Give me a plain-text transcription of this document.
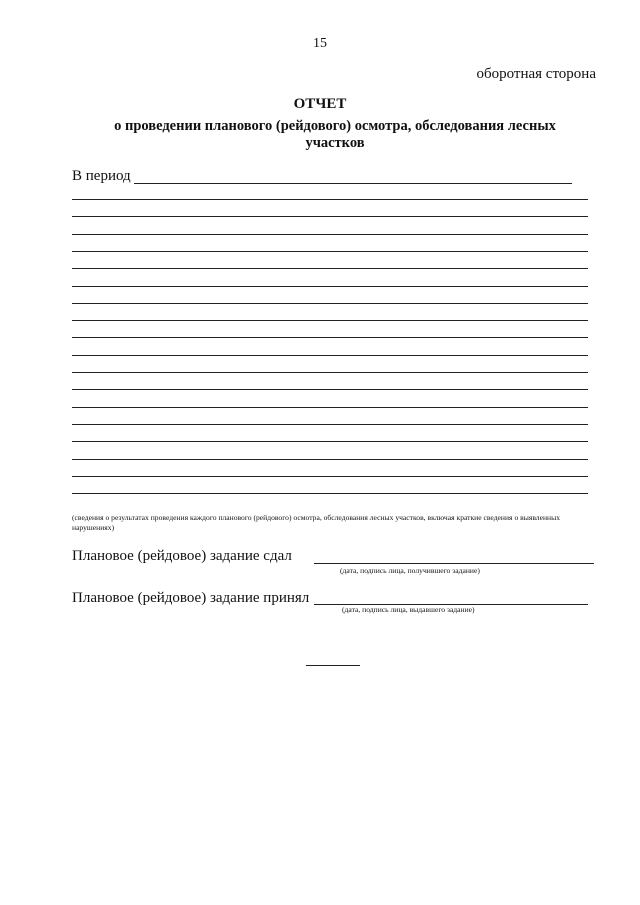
15
оборотная сторона
ОТЧЕТ
о проведении планового (рейдового) осмотра, обследования лесных участков
В период
(сведения о результатах проведения каждого планового (рейдового) осмотра, обследования лесных участков, включая краткие сведения о выявленных нарушениях)
Плановое (рейдовое) задание сдал
(дата, подпись лица, получившего задание)
Плановое (рейдовое) задание принял
(дата, подпись лица, выдавшего задание)
